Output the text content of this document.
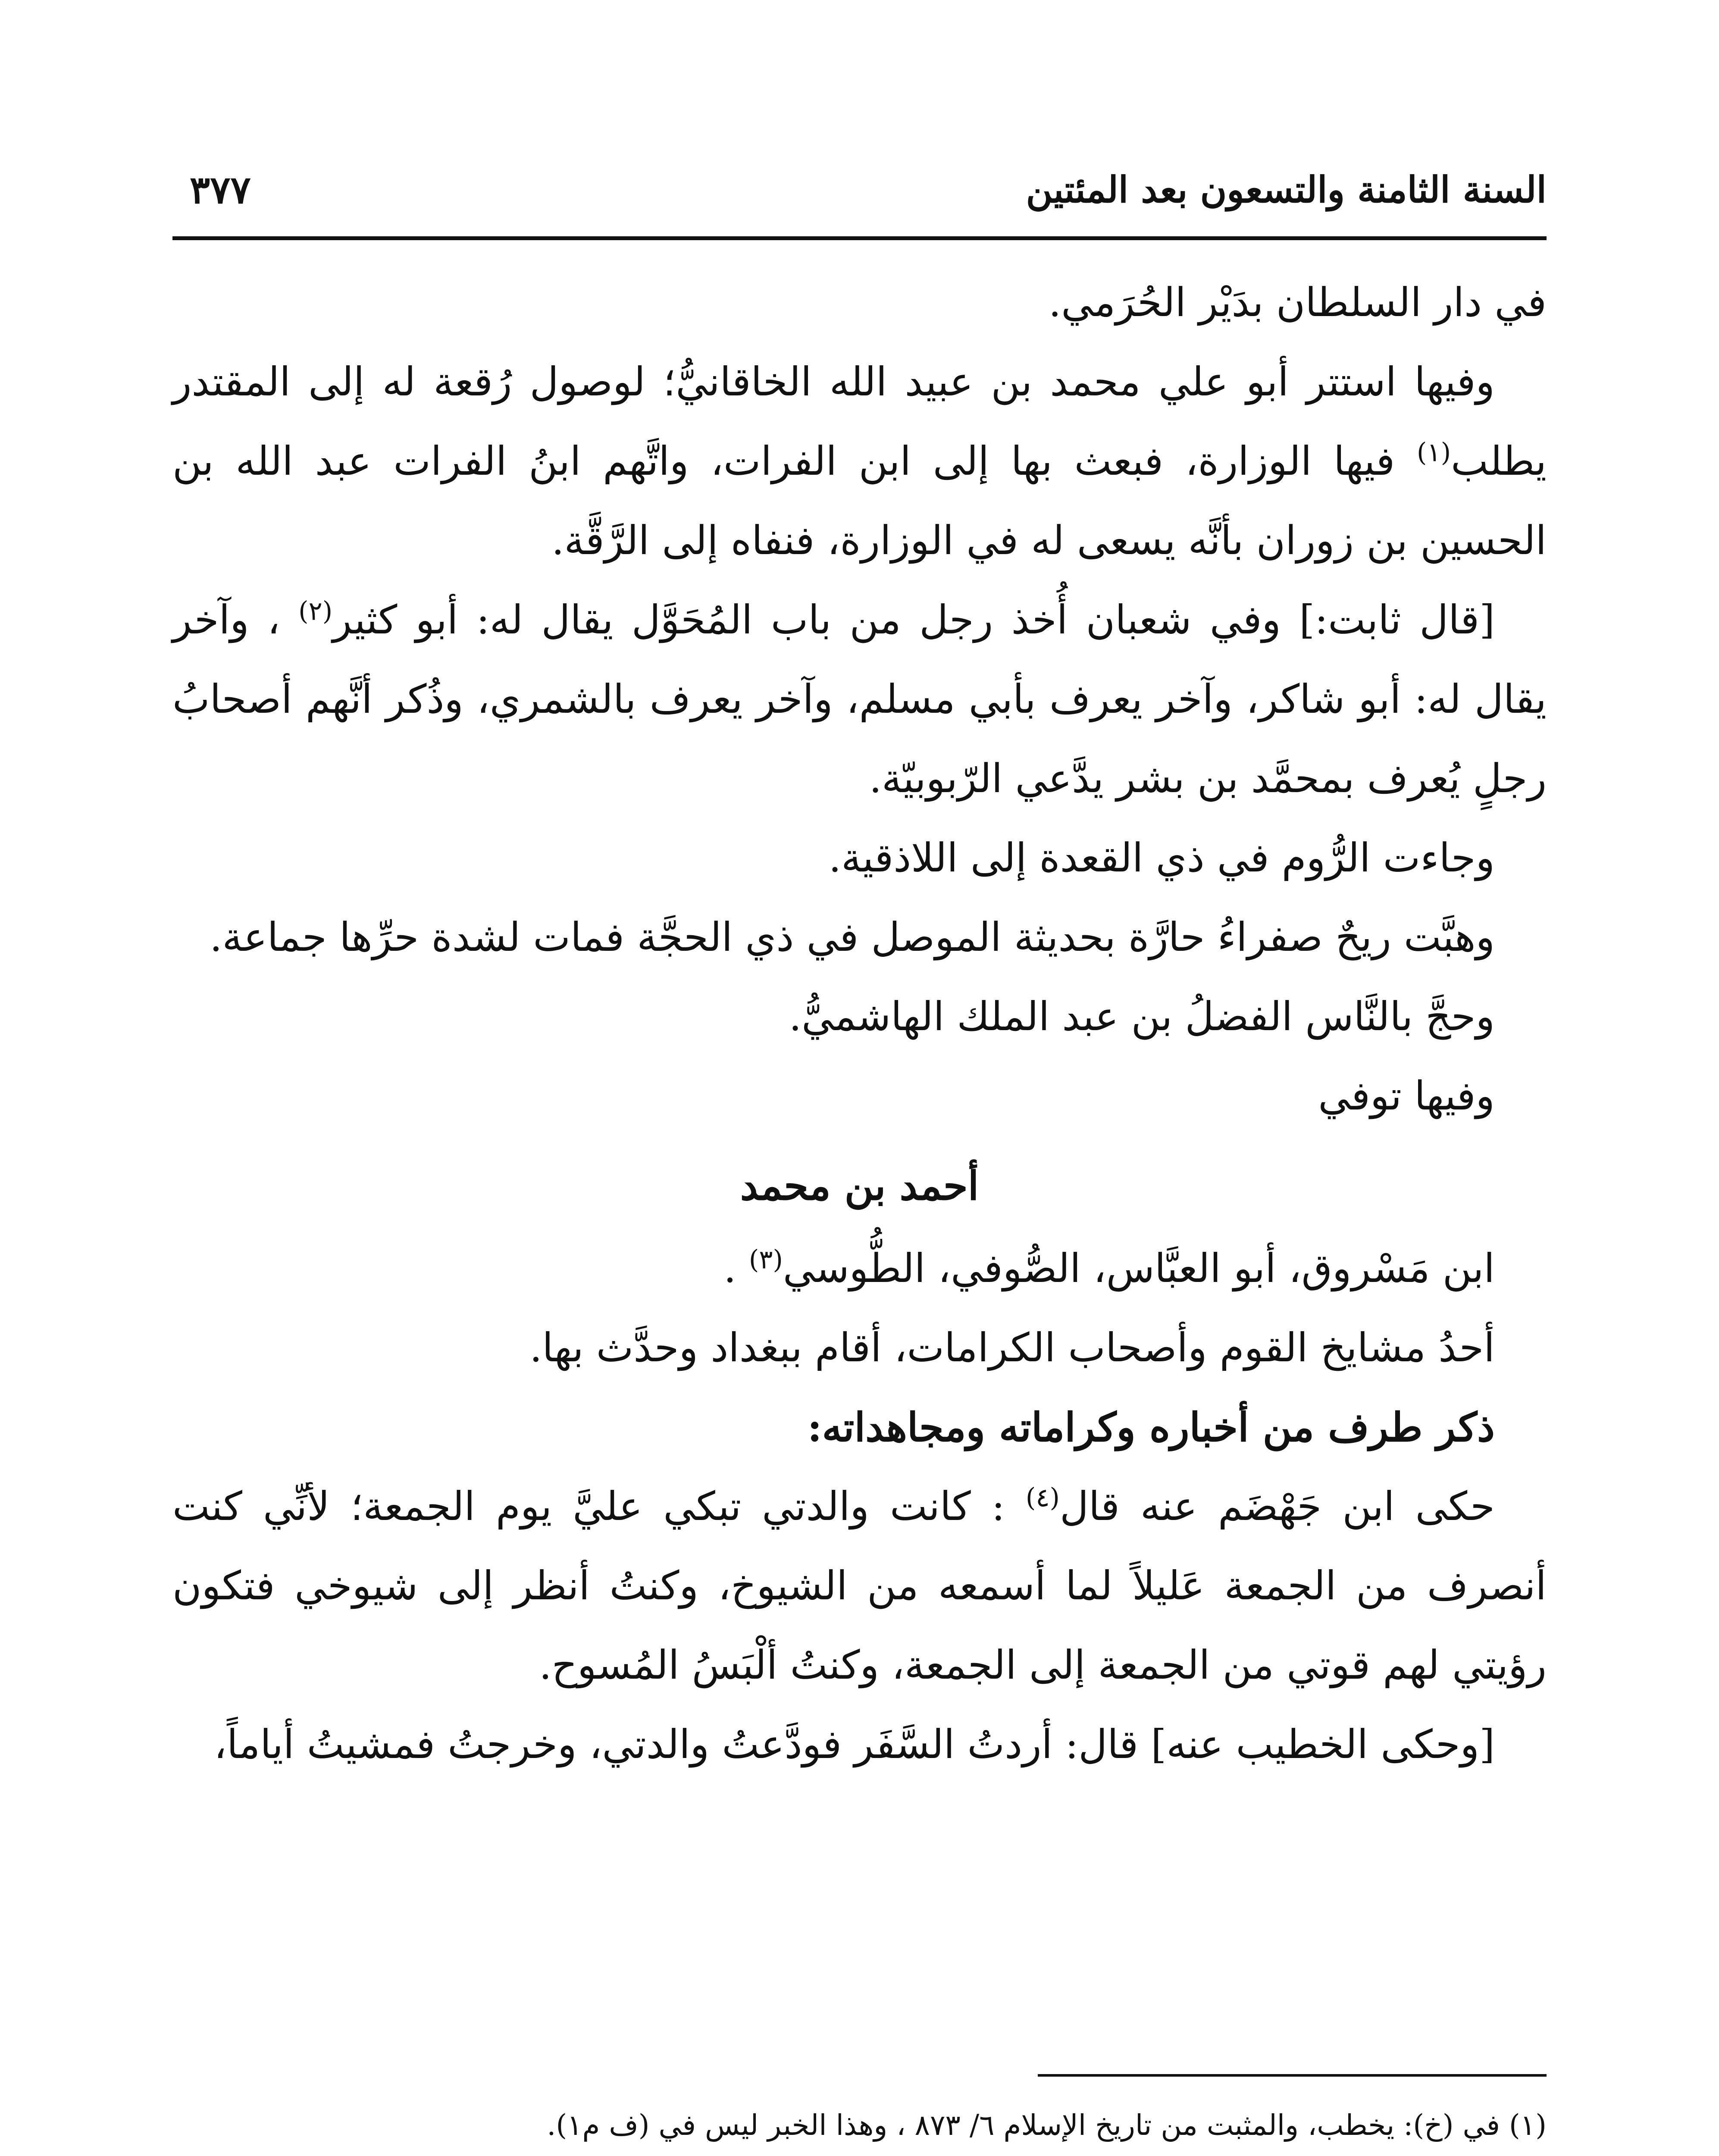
السنة الثامنة والتسعون بعد المئتين
٣٧٧

في دار السلطان بدَيْر الحُرَمي.

وفيها استتر أبو علي محمد بن عبيد الله الخاقانيُّ؛ لوصول رُقعة له إلى المقتدر يطلب$^{(١)}$ فيها الوزارة، فبعث بها إلى ابن الفرات، واتَّهم ابنُ الفرات عبد الله بن الحسين بن زوران بأنَّه يسعى له في الوزارة، فنفاه إلى الرَّقَّة.

[قال ثابت:] وفي شعبان أُخذ رجل من باب المُحَوَّل يقال له: أبو كثير$^{(٢)}$ ، وآخر يقال له: أبو شاكر، وآخر يعرف بأبي مسلم، وآخر يعرف بالشمري، وذُكر أنَّهم أصحابُ رجلٍ يُعرف بمحمَّد بن بشر يدَّعي الرّبوبيّة.

وجاءت الرُّوم في ذي القعدة إلى اللاذقية.

وهبَّت ريحٌ صفراءُ حارَّة بحديثة الموصل في ذي الحجَّة فمات لشدة حرِّها جماعة.

وحجَّ بالنَّاس الفضلُ بن عبد الملك الهاشميُّ.

وفيها توفي

أحمد بن محمد

ابن مَسْروق، أبو العبَّاس، الصُّوفي، الطُّوسي$^{(٣)}$ .

أحدُ مشايخ القوم وأصحاب الكرامات، أقام ببغداد وحدَّث بها.

ذكر طرف من أخباره وكراماته ومجاهداته:

حكى ابن جَهْضَم عنه قال$^{(٤)}$ : كانت والدتي تبكي عليَّ يوم الجمعة؛ لأنِّي كنت أنصرف من الجمعة عَليلاً لما أسمعه من الشيوخ، وكنتُ أنظر إلى شيوخي فتكون رؤيتي لهم قوتي من الجمعة إلى الجمعة، وكنتُ ألْبَسُ المُسوح.

[وحكى الخطيب عنه] قال: أردتُ السَّفَر فودَّعتُ والدتي، وخرجتُ فمشيتُ أياماً،

(١) في (خ): يخطب، والمثبت من تاريخ الإسلام ٦/ ٨٧٣ ، وهذا الخبر ليس في (ف م١).
